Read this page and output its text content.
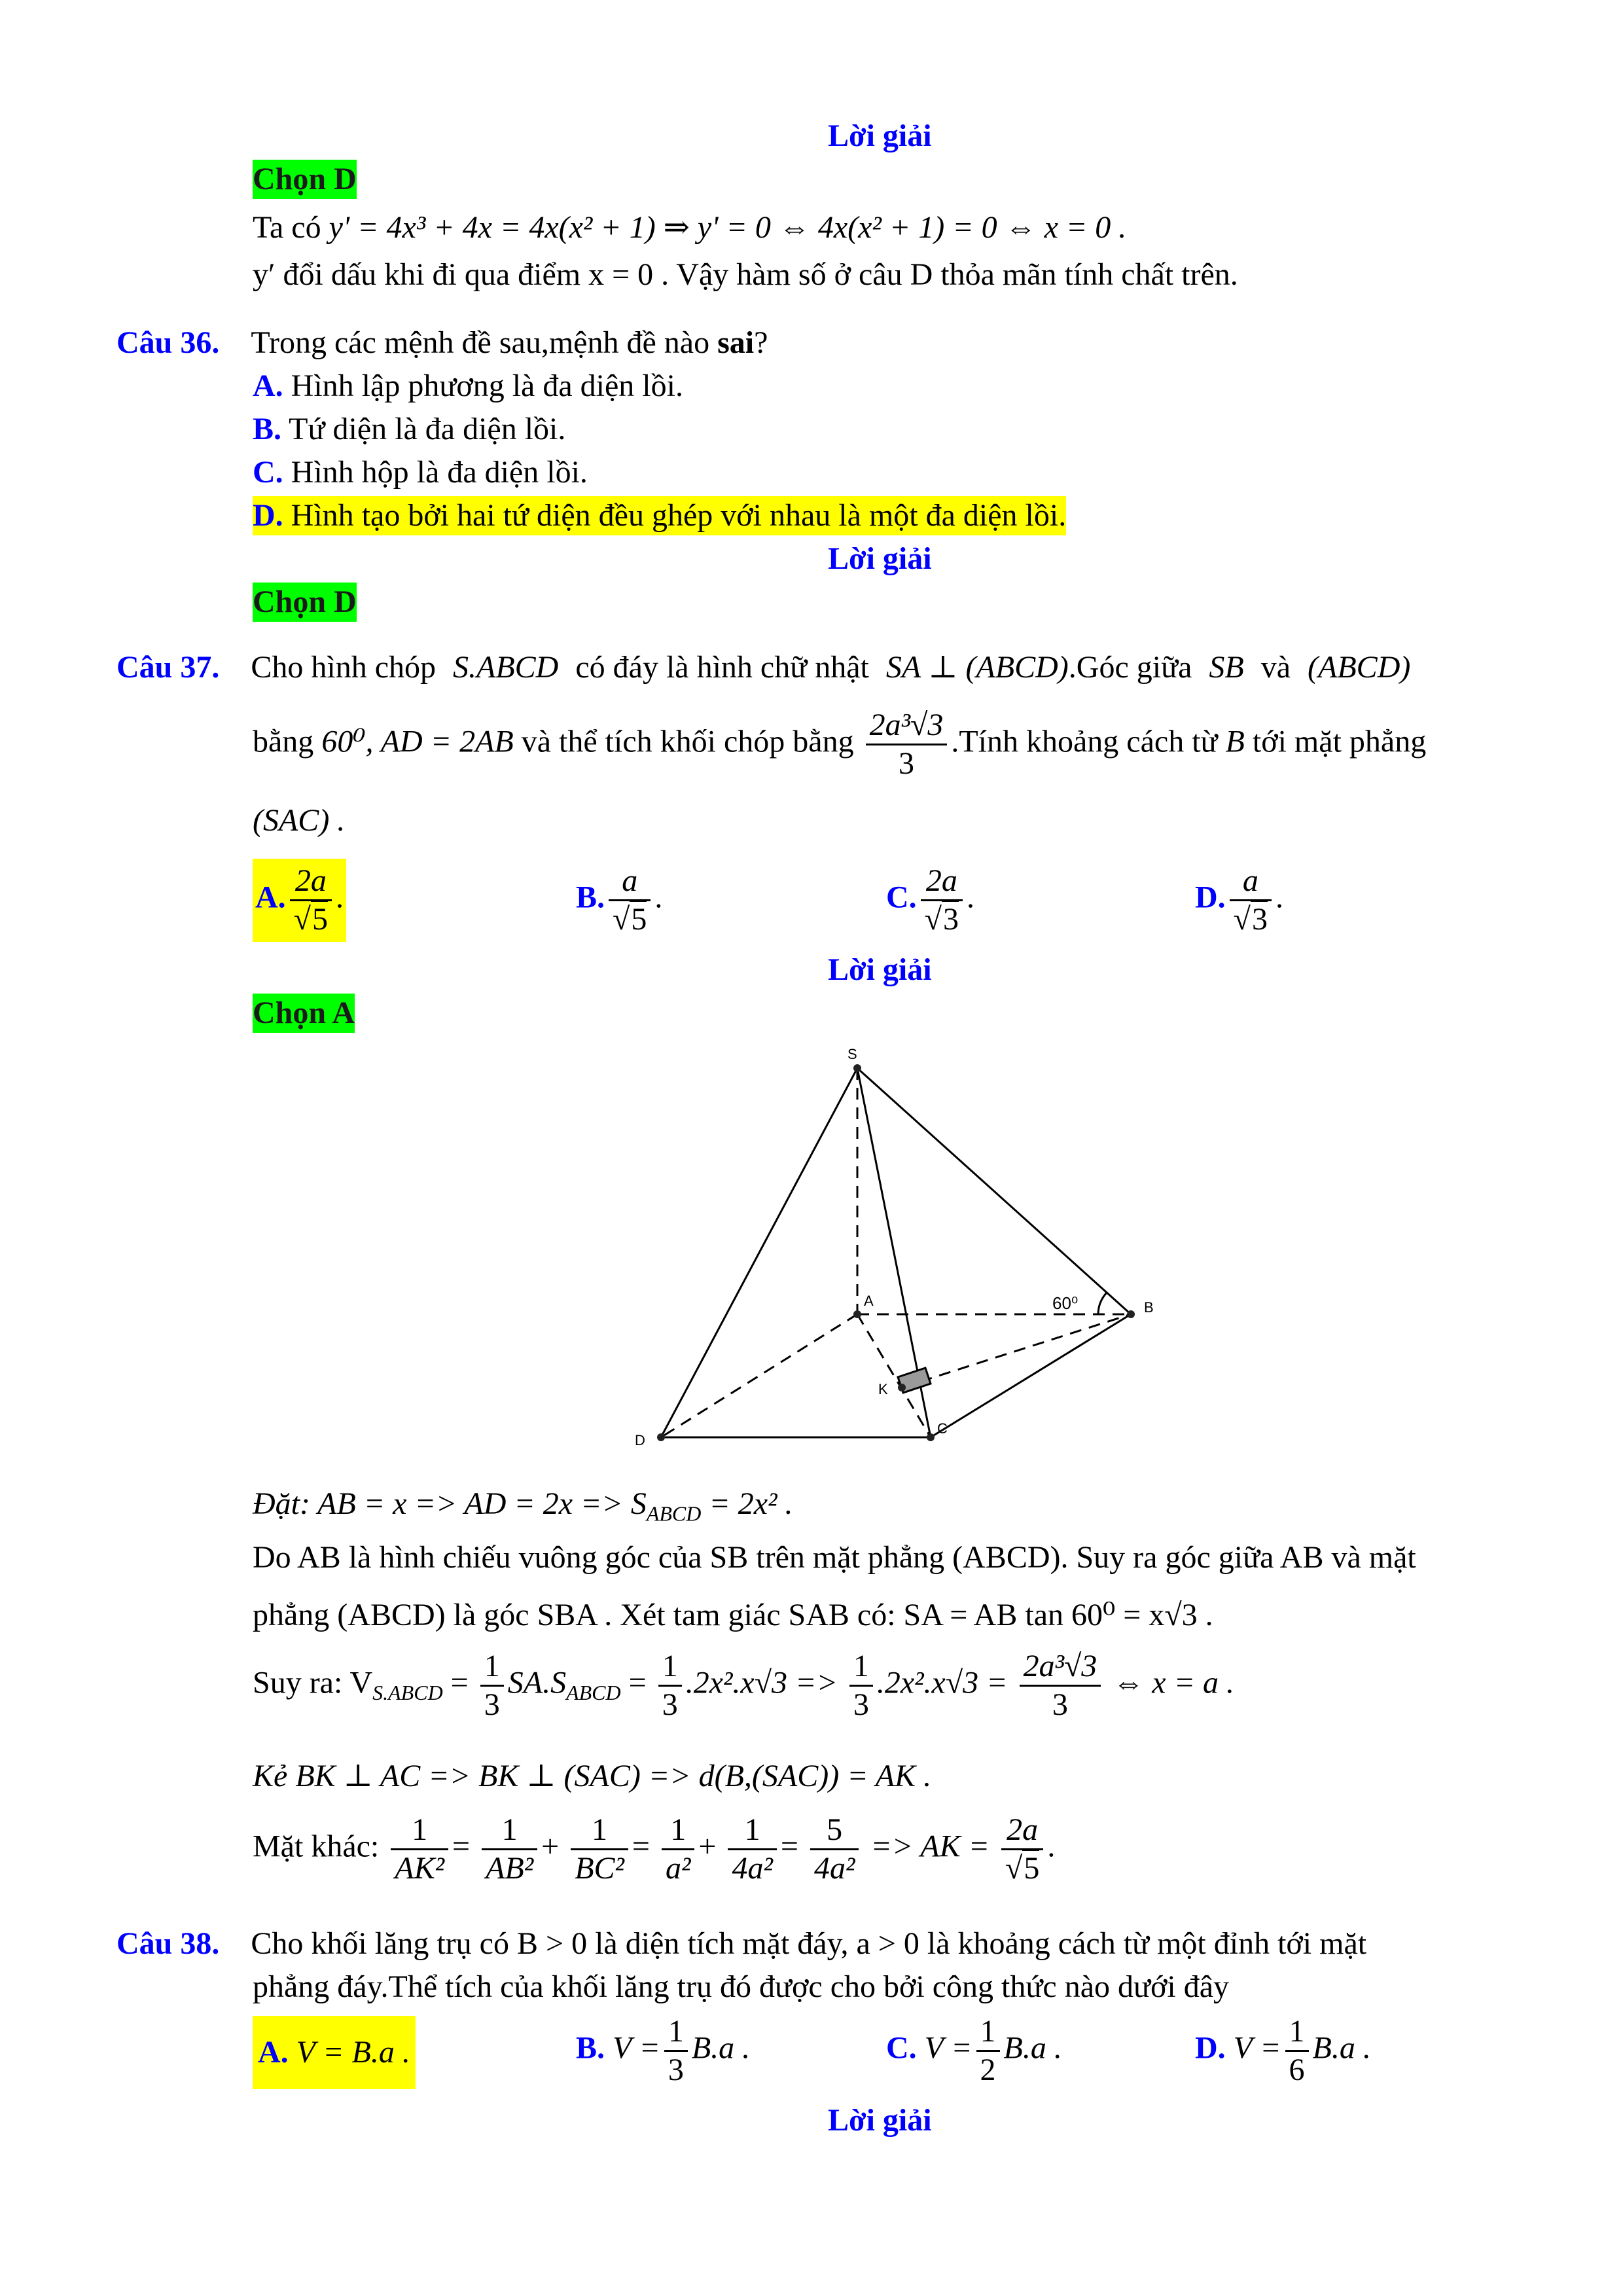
Lời giải
Chọn D
Ta có y' = 4x³ + 4x = 4x(x² + 1) ⇒ y' = 0 ⇔ 4x(x² + 1) = 0 ⇔ x = 0 .
y′ đổi dấu khi đi qua điểm x = 0 . Vậy hàm số ở câu D thỏa mãn tính chất trên.
Câu 36. Trong các mệnh đề sau,mệnh đề nào sai?
A. Hình lập phương là đa diện lồi.
B. Tứ diện là đa diện lồi.
C. Hình hộp là đa diện lồi.
D. Hình tạo bởi hai tứ diện đều ghép với nhau là một đa diện lồi.
Lời giải
Chọn D
Câu 37. Cho hình chóp S.ABCD có đáy là hình chữ nhật SA ⊥ (ABCD).Góc giữa SB và (ABCD)
bằng 60⁰, AD = 2AB và thể tích khối chóp bằng $\frac{\text{2a³√3}}{3}$ .Tính khoảng cách từ B tới mặt phẳng
(SAC) .
A. $\frac{2a}{√5}$ .	B. $\frac{a}{√5}$ .	C. $\frac{2a}{√3}$ .	D. $\frac{a}{√3}$ .
Lời giải
Chọn A
S
A	B
C
D
K
60⁰
Đặt: AB = x => AD = $2x => S_{ABCD} = 2x^2$ .
Do AB là hình chiếu vuông góc của SB trên mặt phẳng (ABCD). Suy ra góc giữa AB và mặt
phẳng (ABCD) là góc SBA . Xét tam giác SAB có: SA = AB tan 60⁰ = x√3 .
Suy ra: $V_{S.ABCD} = \frac{1}{3} SA.S_{ABCD} = \frac{1}{3} .2x^2.x√3 => \frac{1}{3} .2x^2.x√3 = \frac{\text{2a³√3}}{3}$ ⇔ x = a .
Kẻ BK ⊥ AC => BK ⊥ (SAC) => d(B,(SAC)) = AK .
Mặt khác: $\frac{1}{\text{AK²}} = \frac{1}{\text{AB²}} + \frac{1}{\text{BC²}} = \frac{1}{\text{a²}} + \frac{1}{\text{4a²}} = \frac{5}{\text{4a²}}$ => AK = $\frac{2a}{√5}$ .
Câu 38. Cho khối lăng trụ có B > 0 là diện tích mặt đáy, a > 0 là khoảng cách từ một đỉnh tới mặt
phẳng đáy.Thể tích của khối lăng trụ đó được cho bởi công thức nào dưới đây
A. V = B.a .	B. $V = \frac{1}{3} B.a$ .	C. $V = \frac{1}{2} B.a$ .	D. $V = \frac{1}{6} B.a$ .
Lời giải
